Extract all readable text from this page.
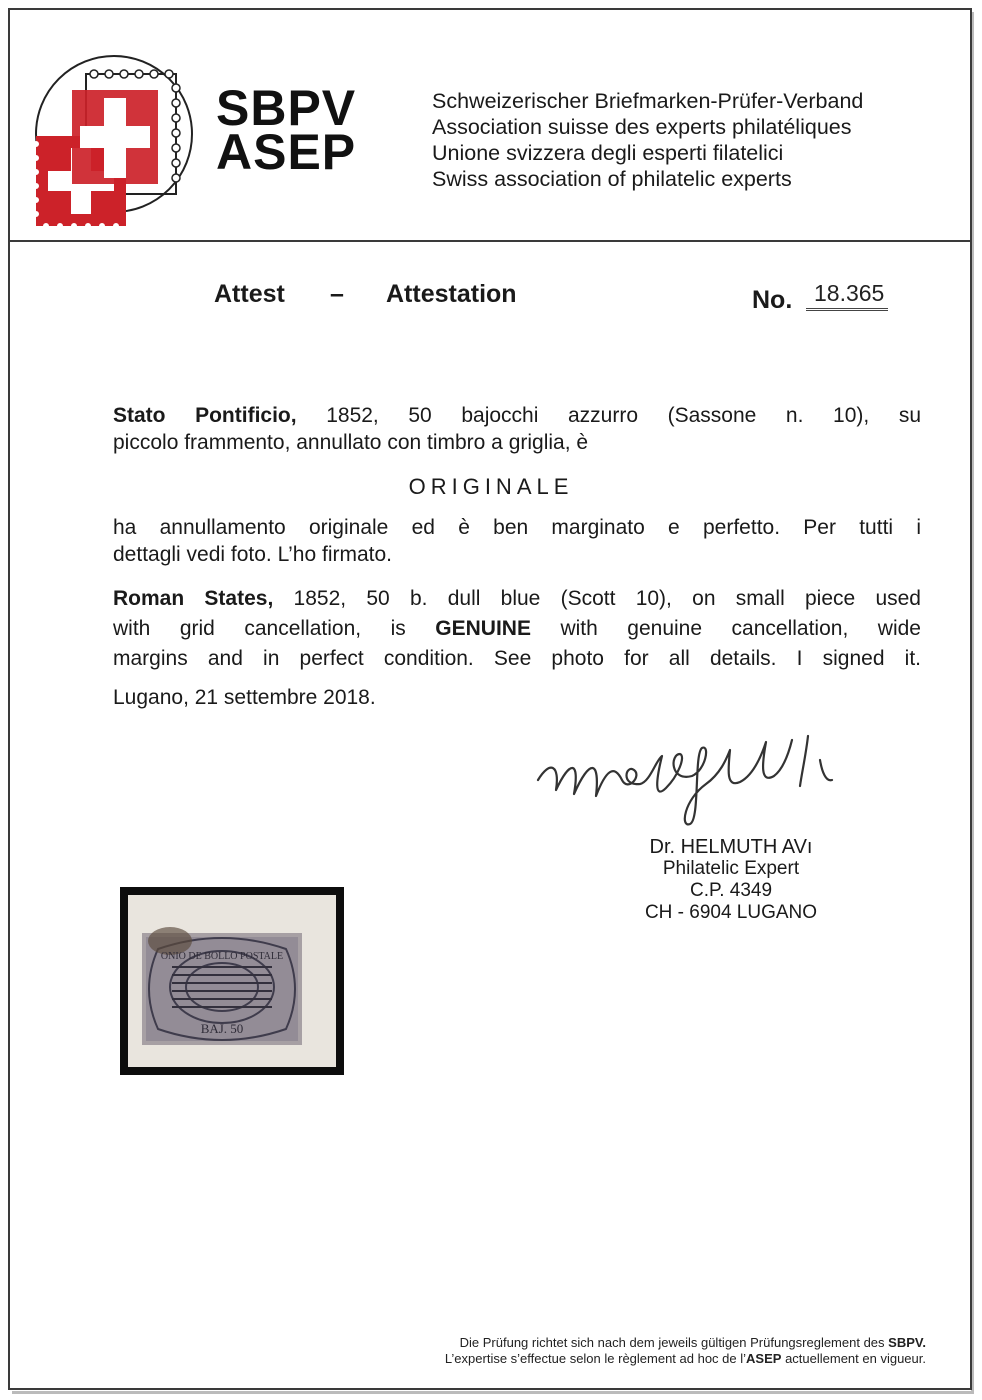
SBPV
ASEP
Schweizerischer Briefmarken-Prüfer-Verband
Association suisse des experts philatéliques
Unione svizzera degli esperti filatelici
Swiss association of philatelic experts
Attest – Attestation	No. 18.365
Stato Pontificio, 1852, 50 bajocchi azzurro (Sassone n. 10), su
piccolo frammento, annullato con timbro a griglia, è
ORIGINALE
ha annullamento originale ed è ben marginato e perfetto. Per tutti i
dettagli vedi foto. L’ho firmato.
Roman States, 1852, 50 b. dull blue (Scott 10), on small piece used
with grid cancellation, is GENUINE with genuine cancellation, wide
margins and in perfect condition. See photo for all details. I signed it.
Lugano, 21 settembre 2018.
Dr. HELMUTH AVı
Philatelic Expert
C.P. 4349
CH - 6904 LUGANO
ONIO DE BOLLO POSTALE
BAJ. 50
Die Prüfung richtet sich nach dem jeweils gültigen Prüfungsreglement des SBPV.
L’expertise s’effectue selon le règlement ad hoc de l’ASEP actuellement en vigueur.
